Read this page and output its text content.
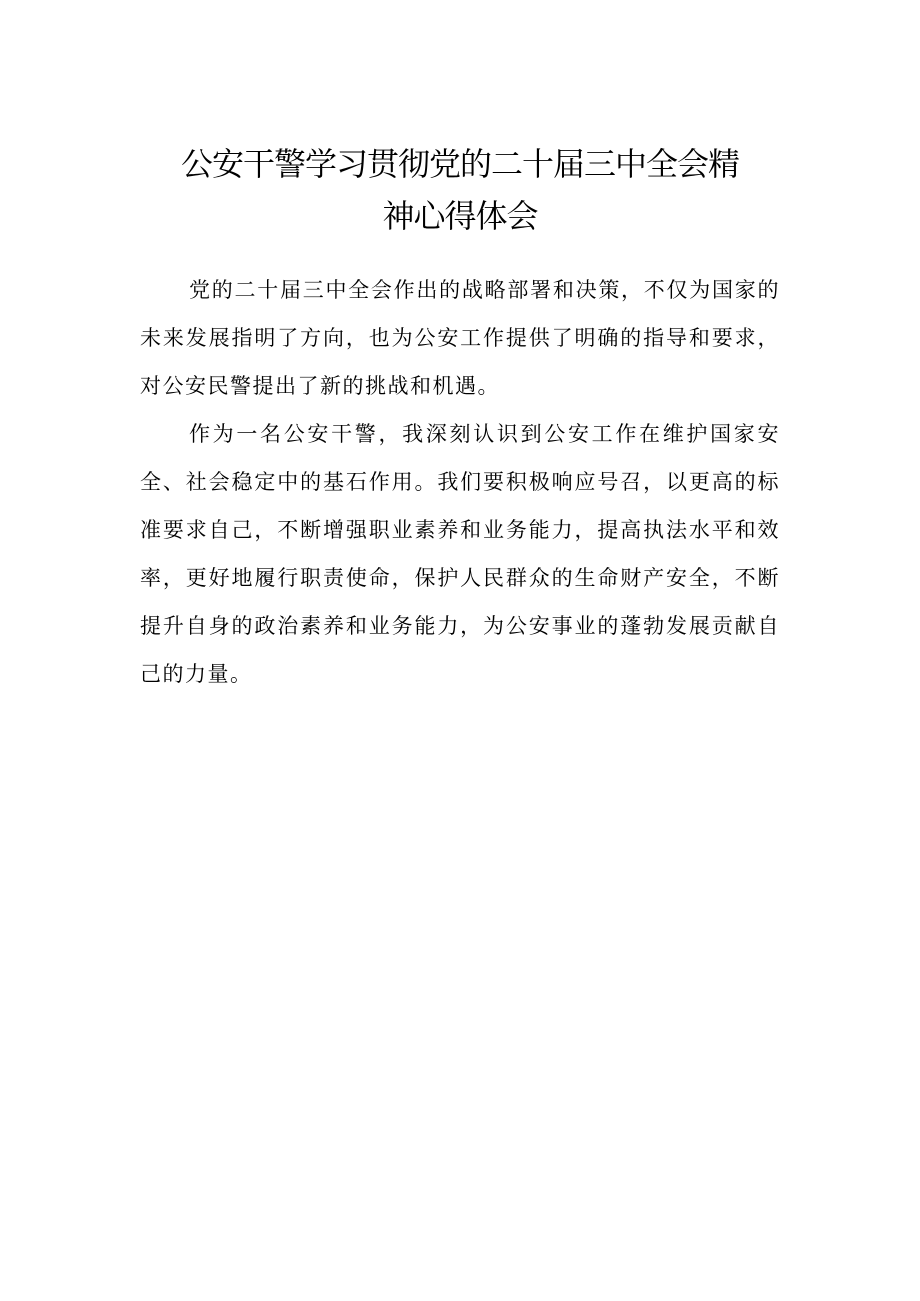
公安干警学习贯彻党的二十届三中全会精
神心得体会

党的二十届三中全会作出的战略部署和决策，不仅为国家的未来发展指明了方向，也为公安工作提供了明确的指导和要求，对公安民警提出了新的挑战和机遇。

作为一名公安干警，我深刻认识到公安工作在维护国家安全、社会稳定中的基石作用。我们要积极响应号召，以更高的标准要求自己，不断增强职业素养和业务能力，提高执法水平和效率，更好地履行职责使命，保护人民群众的生命财产安全，不断提升自身的政治素养和业务能力，为公安事业的蓬勃发展贡献自己的力量。
